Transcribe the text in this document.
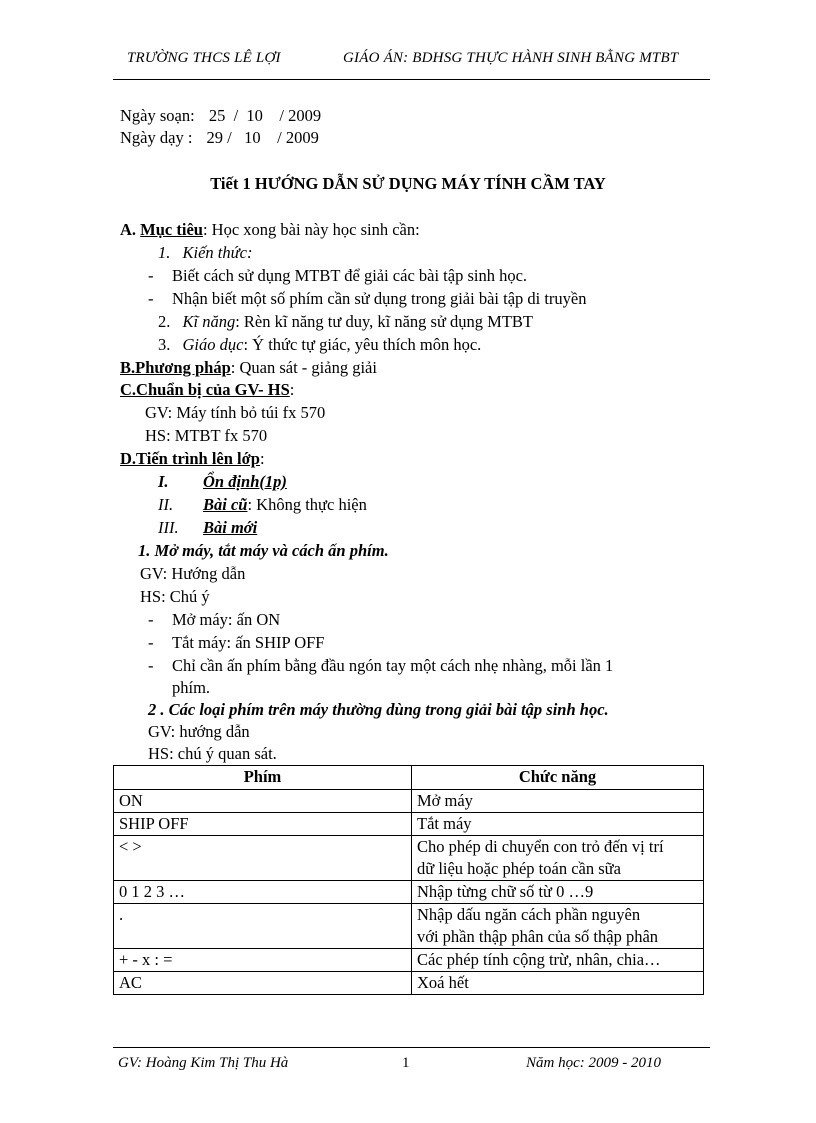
TRƯỜNG THCS LÊ LỢI	GIÁO ÁN: BDHSG THỰC HÀNH SINH BẰNG MTBT
Ngày soạn: 25  /  10    / 2009
Ngày dạy : 29 /   10    / 2009
Tiết 1 HƯỚNG DẪN SỬ DỤNG MÁY TÍNH CẦM TAY
A. Mục tiêu: Học xong bài này học sinh cần:
1. Kiến thức:
- Biết cách sử dụng MTBT để giải các bài tập sinh học.
- Nhận biết một số phím cần sử dụng trong giải bài tập di truyền
2. Kĩ năng: Rèn kĩ năng tư duy, kĩ năng sử dụng MTBT
3. Giáo dục: Ý thức tự giác, yêu thích môn học.
B.Phương pháp: Quan sát - giảng giải
C.Chuẩn bị của GV- HS:
GV: Máy tính bỏ túi fx 570
HS: MTBT fx 570
D.Tiến trình lên lớp:
I. Ổn định(1p)
II. Bài cũ: Không thực hiện
III. Bài mới
1. Mở máy, tắt máy và cách ấn phím.
GV: Hướng dẫn
HS: Chú ý
- Mở máy: ấn ON
- Tắt máy: ấn SHIP OFF
- Chỉ cần ấn phím bằng đầu ngón tay một cách nhẹ nhàng, mỗi lần 1
phím.
2 . Các loại phím trên máy thường dùng trong giải bài tập sinh học.
GV: hướng dẫn
HS: chú ý quan sát.
Phím	Chức năng
ON	Mở máy
SHIP OFF	Tắt máy
< >	Cho phép di chuyển con trỏ đến vị trí
dữ liệu hoặc phép toán cần sữa

0 1 2 3 …	Nhập từng chữ số từ 0 …9
.	Nhập dấu ngăn cách phần nguyên
với phần thập phân của số thập phân

+ - x : =	Các phép tính cộng trừ, nhân, chia…
AC	Xoá hết
GV: Hoàng Kim Thị Thu Hà	1	Năm học: 2009 - 2010
